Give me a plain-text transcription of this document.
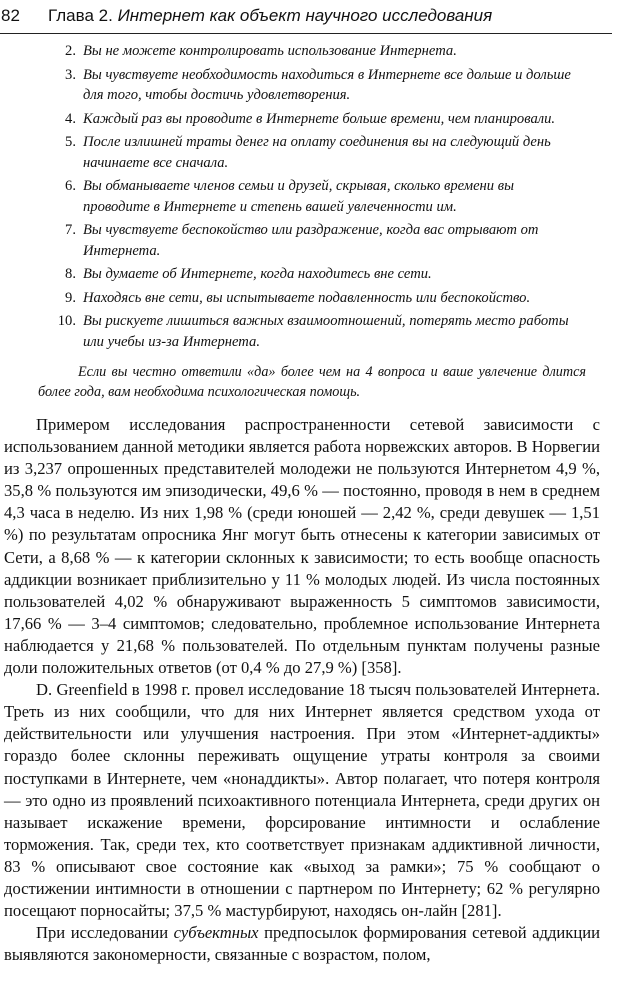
82 Глава 2. Интернет как объект научного исследования
2. Вы не можете контролировать использование Интернета.
3. Вы чувствуете необходимость находиться в Интернете все дольше и дольше для того, чтобы достичь удовлетворения.
4. Каждый раз вы проводите в Интернете больше времени, чем планировали.
5. После излишней траты денег на оплату соединения вы на следующий день начинаете все сначала.
6. Вы обманываете членов семьи и друзей, скрывая, сколько времени вы проводите в Интернете и степень вашей увлеченности им.
7. Вы чувствуете беспокойство или раздражение, когда вас отрывают от Интернета.
8. Вы думаете об Интернете, когда находитесь вне сети.
9. Находясь вне сети, вы испытываете подавленность или беспокойство.
10. Вы рискуете лишиться важных взаимоотношений, потерять место работы или учебы из-за Интернета.
Если вы честно ответили «да» более чем на 4 вопроса и ваше увлечение длится более года, вам необходима психологическая помощь.

Примером исследования распространенности сетевой зависимости с использованием данной методики является работа норвежских авторов. В Норвегии из 3,237 опрошенных представителей молодежи не пользуются Интернетом 4,9 %, 35,8 % пользуются им эпизодически, 49,6 % — постоянно, проводя в нем в среднем 4,3 часа в неделю. Из них 1,98 % (среди юношей — 2,42 %, среди девушек — 1,51 %) по результатам опросника Янг могут быть отнесены к категории зависимых от Сети, а 8,68 % — к категории склонных к зависимости; то есть вообще опасность аддикции возникает приблизительно у 11 % молодых людей. Из числа постоянных пользователей 4,02 % обнаруживают выраженность 5 симптомов зависимости, 17,66 % — 3–4 симптомов; следовательно, проблемное использование Интернета наблюдается у 21,68 % пользователей. По отдельным пунктам получены разные доли положительных ответов (от 0,4 % до 27,9 %) [358].

D. Greenfield в 1998 г. провел исследование 18 тысяч пользователей Интернета. Треть из них сообщили, что для них Интернет является средством ухода от действительности или улучшения настроения. При этом «Интернет-аддикты» гораздо более склонны переживать ощущение утраты контроля за своими поступками в Интернете, чем «нонаддикты». Автор полагает, что потеря контроля — это одно из проявлений психоактивного потенциала Интернета, среди других он называет искажение времени, форсирование интимности и ослабление торможения. Так, среди тех, кто соответствует признакам аддиктивной личности, 83 % описывают свое состояние как «выход за рамки»; 75 % сообщают о достижении интимности в отношении с партнером по Интернету; 62 % регулярно посещают порносайты; 37,5 % мастурбируют, находясь он-лайн [281].

При исследовании субъектных предпосылок формирования сетевой аддикции выявляются закономерности, связанные с возрастом, полом,
